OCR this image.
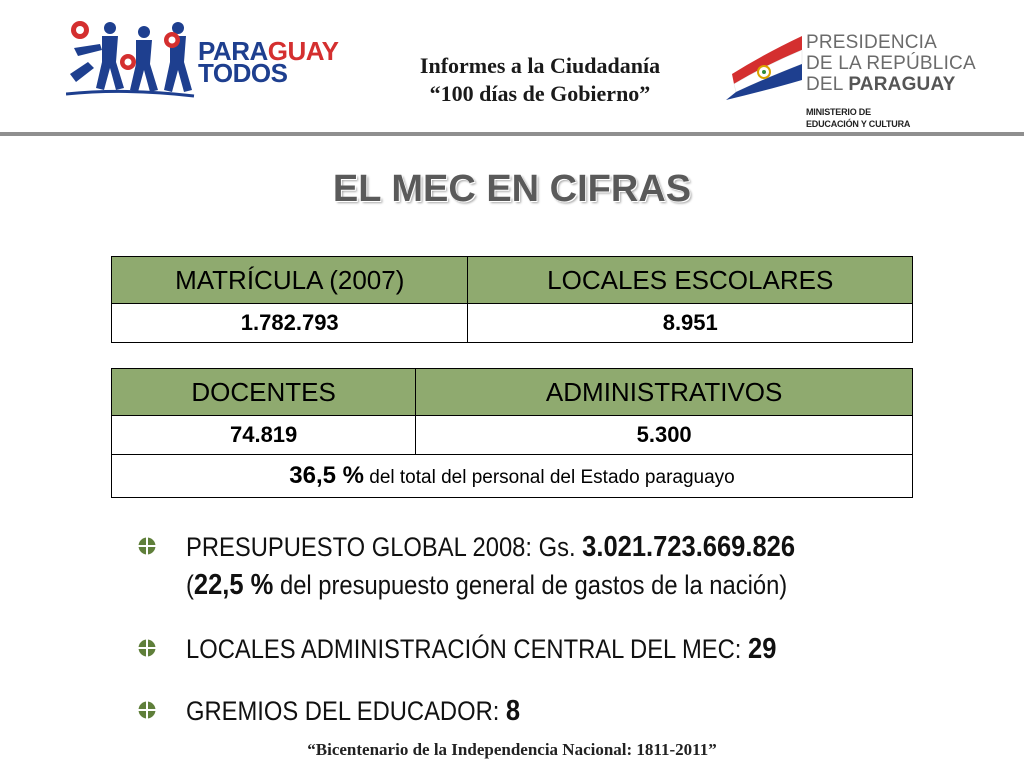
PARAGUAY
TODOS	Informes a la Ciudadanía
“100 días de Gobierno”
PRESIDENCIA
DE LA REPÚBLICA
DEL PARAGUAY
MINISTERIO DE
EDUCACIÓN Y CULTURA
EL MEC EN CIFRAS
MATRÍCULA (2007)	LOCALES ESCOLARES
1.782.793	8.951
DOCENTES	ADMINISTRATIVOS
74.819	5.300
36,5 % del total del personal del Estado paraguayo	
PRESUPUESTO GLOBAL 2008: Gs. 3.021.723.669.826
(22,5 % del presupuesto general de gastos de la nación)
LOCALES ADMINISTRACIÓN CENTRAL DEL MEC: 29
GREMIOS DEL EDUCADOR: 8
“Bicentenario de la Independencia Nacional: 1811-2011”
